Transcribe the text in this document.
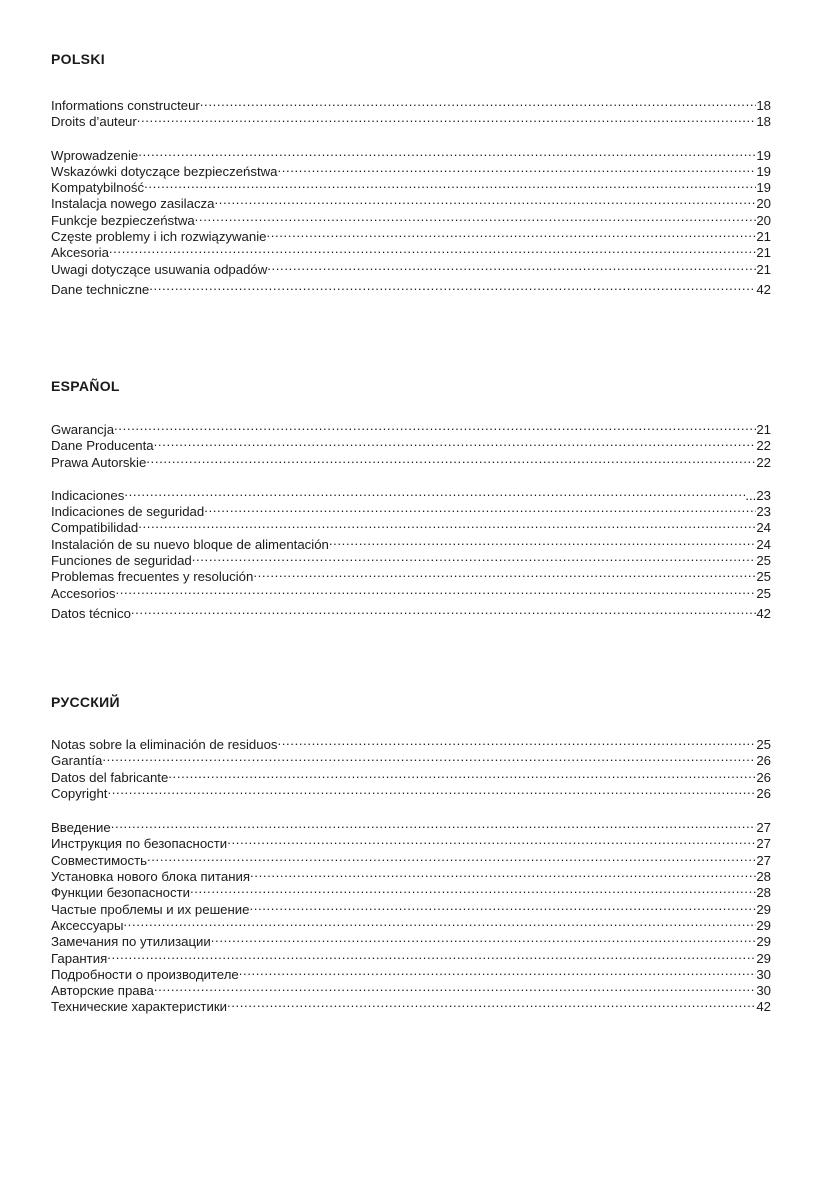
POLSKI
Informations constructeur .....	18
Droits d’auteur .....	18
Wprowadzenie .....	19
Wskazówki dotyczące bezpieczeństwa .....	19
Kompatybilność .....	19
Instalacja nowego zasilacza .....	20
Funkcje bezpieczeństwa .....	20
Częste problemy i ich rozwiązywanie .....	21
Akcesoria .....	21
Uwagi dotyczące usuwania odpadów .....	21
Dane techniczne .....	42
ESPAÑOL
Gwarancja .....	21
Dane Producenta .....	22
Prawa Autorskie .....	22
Indicaciones .....	...23
Indicaciones de seguridad .....	23
Compatibilidad .....	24
Instalación de su nuevo bloque de alimentación .....	24
Funciones de seguridad .....	25
Problemas frecuentes y resolución .....	25
Accesorios .....	25
Datos técnico .....	42
РУССКИЙ
Notas sobre la eliminación de residuos .....	25
Garantía .....	26
Datos del fabricante .....	26
Copyright .....	26
Введение .....	27
Инструкция по безопасности .....	27
Совместимость .....	27
Установка нового блока питания .....	28
Функции безопасности .....	28
Частые проблемы и их решение .....	29
Аксессуары .....	29
Замечания по утилизации .....	29
Гарантия .....	29
Подробности о производителе .....	30
Авторские права .....	30
Технические характеристики .....	42
